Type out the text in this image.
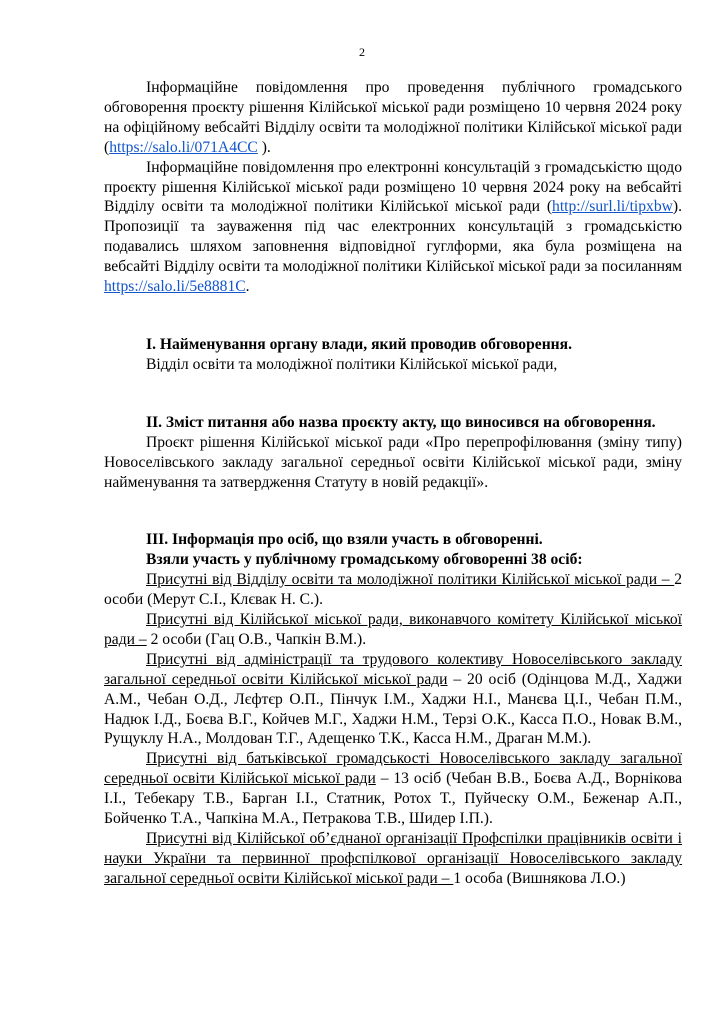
2

Інформаційне повідомлення про проведення публічного громадського обговорення проєкту рішення Кілійської міської ради розміщено 10 червня 2024 року на офіційному вебсайті Відділу освіти та молодіжної політики Кілійської міської ради (https://salo.li/071A4CC ).

Інформаційне повідомлення про електронні консультацій з громадськістю щодо проєкту рішення Кілійської міської ради розміщено 10 червня 2024 року на вебсайті Відділу освіти та молодіжної політики Кілійської міської ради (http://surl.li/tipxbw). Пропозиції та зауваження під час електронних консультацій з громадськістю подавались шляхом заповнення відповідної гуглформи, яка була розміщена на вебсайті Відділу освіти та молодіжної політики Кілійської міської ради за посиланням https://salo.li/5e8881C.

І. Найменування органу влади, який проводив обговорення.

Відділ освіти та молодіжної політики Кілійської міської ради,

ІІ. Зміст питання або назва проєкту акту, що виносився на обговорення.

Проєкт рішення Кілійської міської ради «Про перепрофілювання (зміну типу) Новоселівського закладу загальної середньої освіти Кілійської міської ради, зміну найменування та затвердження Статуту в новій редакції».

ІІІ. Інформація про осіб, що взяли участь в обговоренні.

Взяли участь у публічному громадському обговоренні 38 осіб:

Присутні від Відділу освіти та молодіжної політики Кілійської міської ради – 2 особи (Мерут С.І., Клєвак Н. С.).

Присутні від Кілійської міської ради, виконавчого комітету Кілійської міської ради – 2 особи (Гац О.В., Чапкін В.М.).

Присутні від адміністрації та трудового колективу Новоселівського закладу загальної середньої освіти Кілійської міської ради – 20 осіб (Одінцова М.Д., Хаджи А.М., Чебан О.Д., Лєфтєр О.П., Пінчук І.М., Хаджи Н.І., Манєва Ц.І., Чебан П.М., Надюк І.Д., Боєва В.Г., Койчев М.Г., Хаджи Н.М., Терзі О.К., Касса П.О., Новак В.М., Рущуклу Н.А., Молдован Т.Г., Адещенко Т.К., Касса Н.М., Драган М.М.).

Присутні від батьківської громадськості Новоселівського закладу загальної середньої освіти Кілійської міської ради – 13 осіб (Чебан В.В., Боєва А.Д., Ворнікова І.І., Тебекару Т.В., Барган І.І., Статник, Ротох Т., Пуйческу О.М., Беженар А.П., Бойченко Т.А., Чапкіна М.А., Петракова Т.В., Шидер І.П.).

Присутні від Кілійської об’єднаної організації Профспілки працівників освіти і науки України та первинної профспілкової організації Новоселівського закладу загальної середньої освіти Кілійської міської ради – 1 особа (Вишнякова Л.О.)
